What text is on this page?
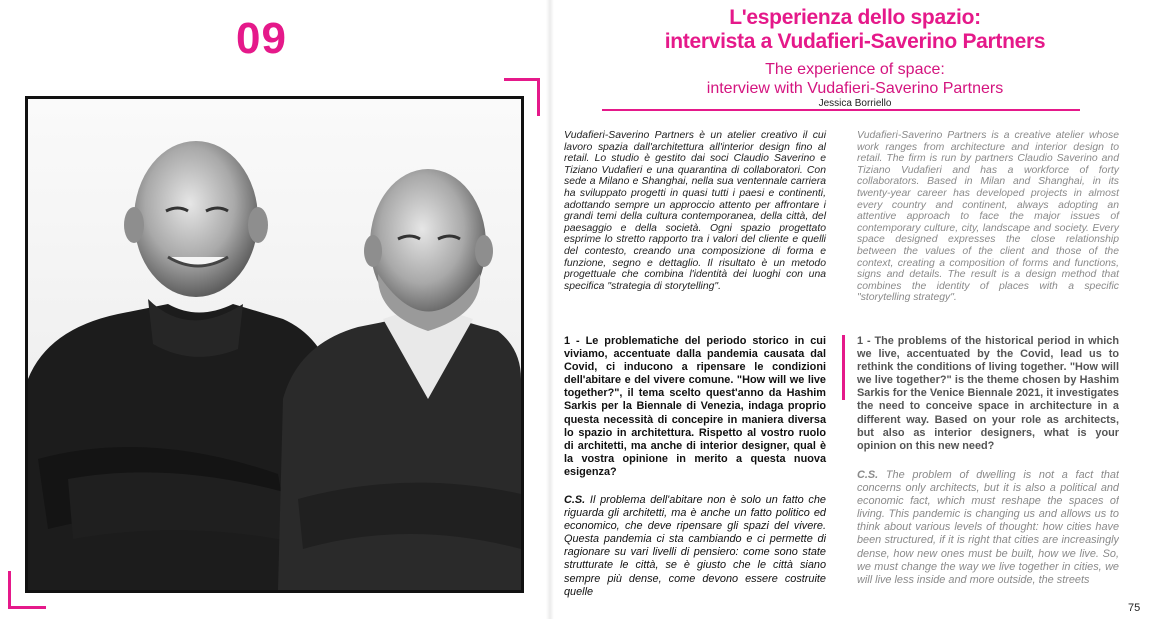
09	L'esperienza dello spazio:
intervista a Vudafieri-Saverino Partners
The experience of space:
interview with Vudafieri-Saverino Partners
Jessica Borriello

Vudafieri-Saverino Partners è un atelier creativo il cui lavoro spazia dall'architettura all'interior design fino al retail. Lo studio è gestito dai soci Claudio Saverino e Tiziano Vudafieri e una quarantina di collaboratori. Con sede a Milano e Shanghai, nella sua ventennale carriera ha sviluppato progetti in quasi tutti i paesi e continenti, adottando sempre un approccio attento per affrontare i grandi temi della cultura contemporanea, della città, del paesaggio e della società. Ogni spazio progettato esprime lo stretto rapporto tra i valori del cliente e quelli del contesto, creando una composizione di forma e funzione, segno e dettaglio. Il risultato è un metodo progettuale che combina l'identità dei luoghi con una specifica "strategia di storytelling".

Vudafieri-Saverino Partners is a creative atelier whose work ranges from architecture and interior design to retail. The firm is run by partners Claudio Saverino and Tiziano Vudafieri and has a workforce of forty collaborators. Based in Milan and Shanghai, in its twenty-year career has developed projects in almost every country and continent, always adopting an attentive approach to face the major issues of contemporary culture, city, landscape and society. Every space designed expresses the close relationship between the values of the client and those of the context, creating a composition of forms and functions, signs and details. The result is a design method that combines the identity of places with a specific "storytelling strategy".

1 - Le problematiche del periodo storico in cui viviamo, accentuate dalla pandemia causata dal Covid, ci inducono a ripensare le condizioni dell'abitare e del vivere comune. "How will we live together?", il tema scelto quest'anno da Hashim Sarkis per la Biennale di Venezia, indaga proprio questa necessità di concepire in maniera diversa lo spazio in architettura. Rispetto al vostro ruolo di architetti, ma anche di interior designer, qual è la vostra opinione in merito a questa nuova esigenza?

1 - The problems of the historical period in which we live, accentuated by the Covid, lead us to rethink the conditions of living together. "How will we live together?" is the theme chosen by Hashim Sarkis for the Venice Biennale 2021, it investigates the need to conceive space in architecture in a different way. Based on your role as architects, but also as interior designers, what is your opinion on this new need?

C.S. Il problema dell'abitare non è solo un fatto che riguarda gli architetti, ma è anche un fatto politico ed economico, che deve ripensare gli spazi del vivere. Questa pandemia ci sta cambiando e ci permette di ragionare su vari livelli di pensiero: come sono state strutturate le città, se è giusto che le città siano sempre più dense, come devono essere costruite quelle

C.S. The problem of dwelling is not a fact that concerns only architects, but it is also a political and economic fact, which must reshape the spaces of living. This pandemic is changing us and allows us to think about various levels of thought: how cities have been structured, if it is right that cities are increasingly dense, how new ones must be built, how we live. So, we must change the way we live together in cities, we will live less inside and more outside, the streets

75
